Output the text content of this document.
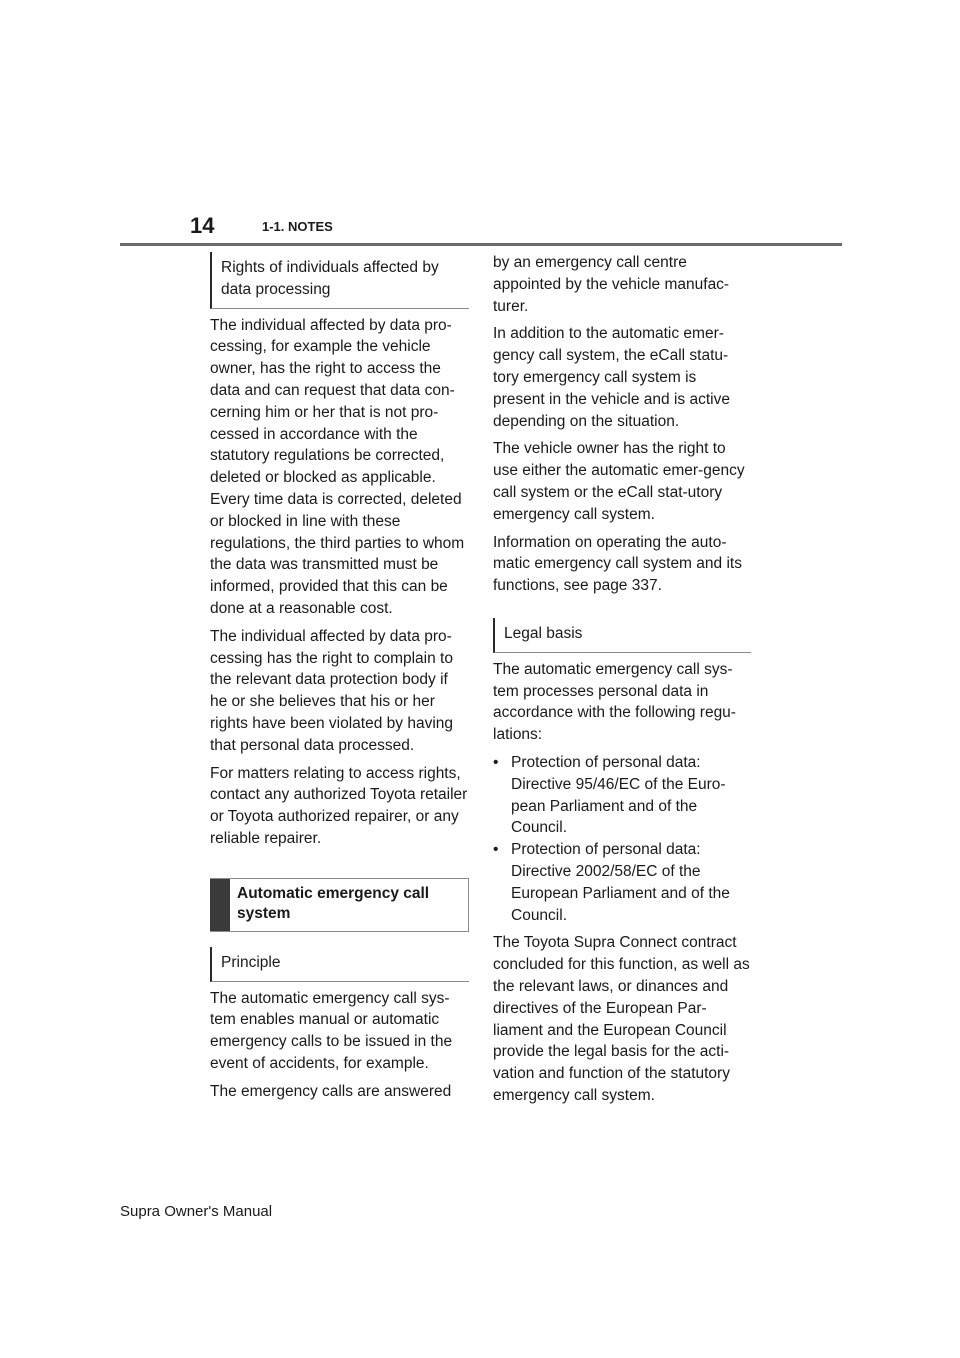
14	1-1. NOTES
Rights of individuals affected by data processing

The individual affected by data pro-cessing, for example the vehicle owner, has the right to access the data and can request that data con-cerning him or her that is not pro-cessed in accordance with the statutory regulations be corrected, deleted or blocked as applicable. Every time data is corrected, deleted or blocked in line with these regulations, the third parties to whom the data was transmitted must be informed, provided that this can be done at a reasonable cost.

The individual affected by data pro-cessing has the right to complain to the relevant data protection body if he or she believes that his or her rights have been violated by having that personal data processed.

For matters relating to access rights, contact any authorized Toyota retailer or Toyota authorized repairer, or any reliable repairer.

Automatic emergency call system
Principle

The automatic emergency call sys-tem enables manual or automatic emergency calls to be issued in the event of accidents, for example.

The emergency calls are answered

by an emergency call centre appointed by the vehicle manufac-turer.

In addition to the automatic emer-gency call system, the eCall statu-tory emergency call system is present in the vehicle and is active depending on the situation.

The vehicle owner has the right to use either the automatic emer-gency call system or the eCall stat-utory emergency call system.

Information on operating the auto-matic emergency call system and its functions, see page 337.

Legal basis

The automatic emergency call sys-tem processes personal data in accordance with the following regu-lations:

• Protection of personal data: Directive 95/46/EC of the Euro-pean Parliament and of the Council.
• Protection of personal data: Directive 2002/58/EC of the European Parliament and of the Council.

The Toyota Supra Connect contract concluded for this function, as well as the relevant laws, or dinances and directives of the European Par-liament and the European Council provide the legal basis for the acti-vation and function of the statutory emergency call system.

Supra Owner's Manual
